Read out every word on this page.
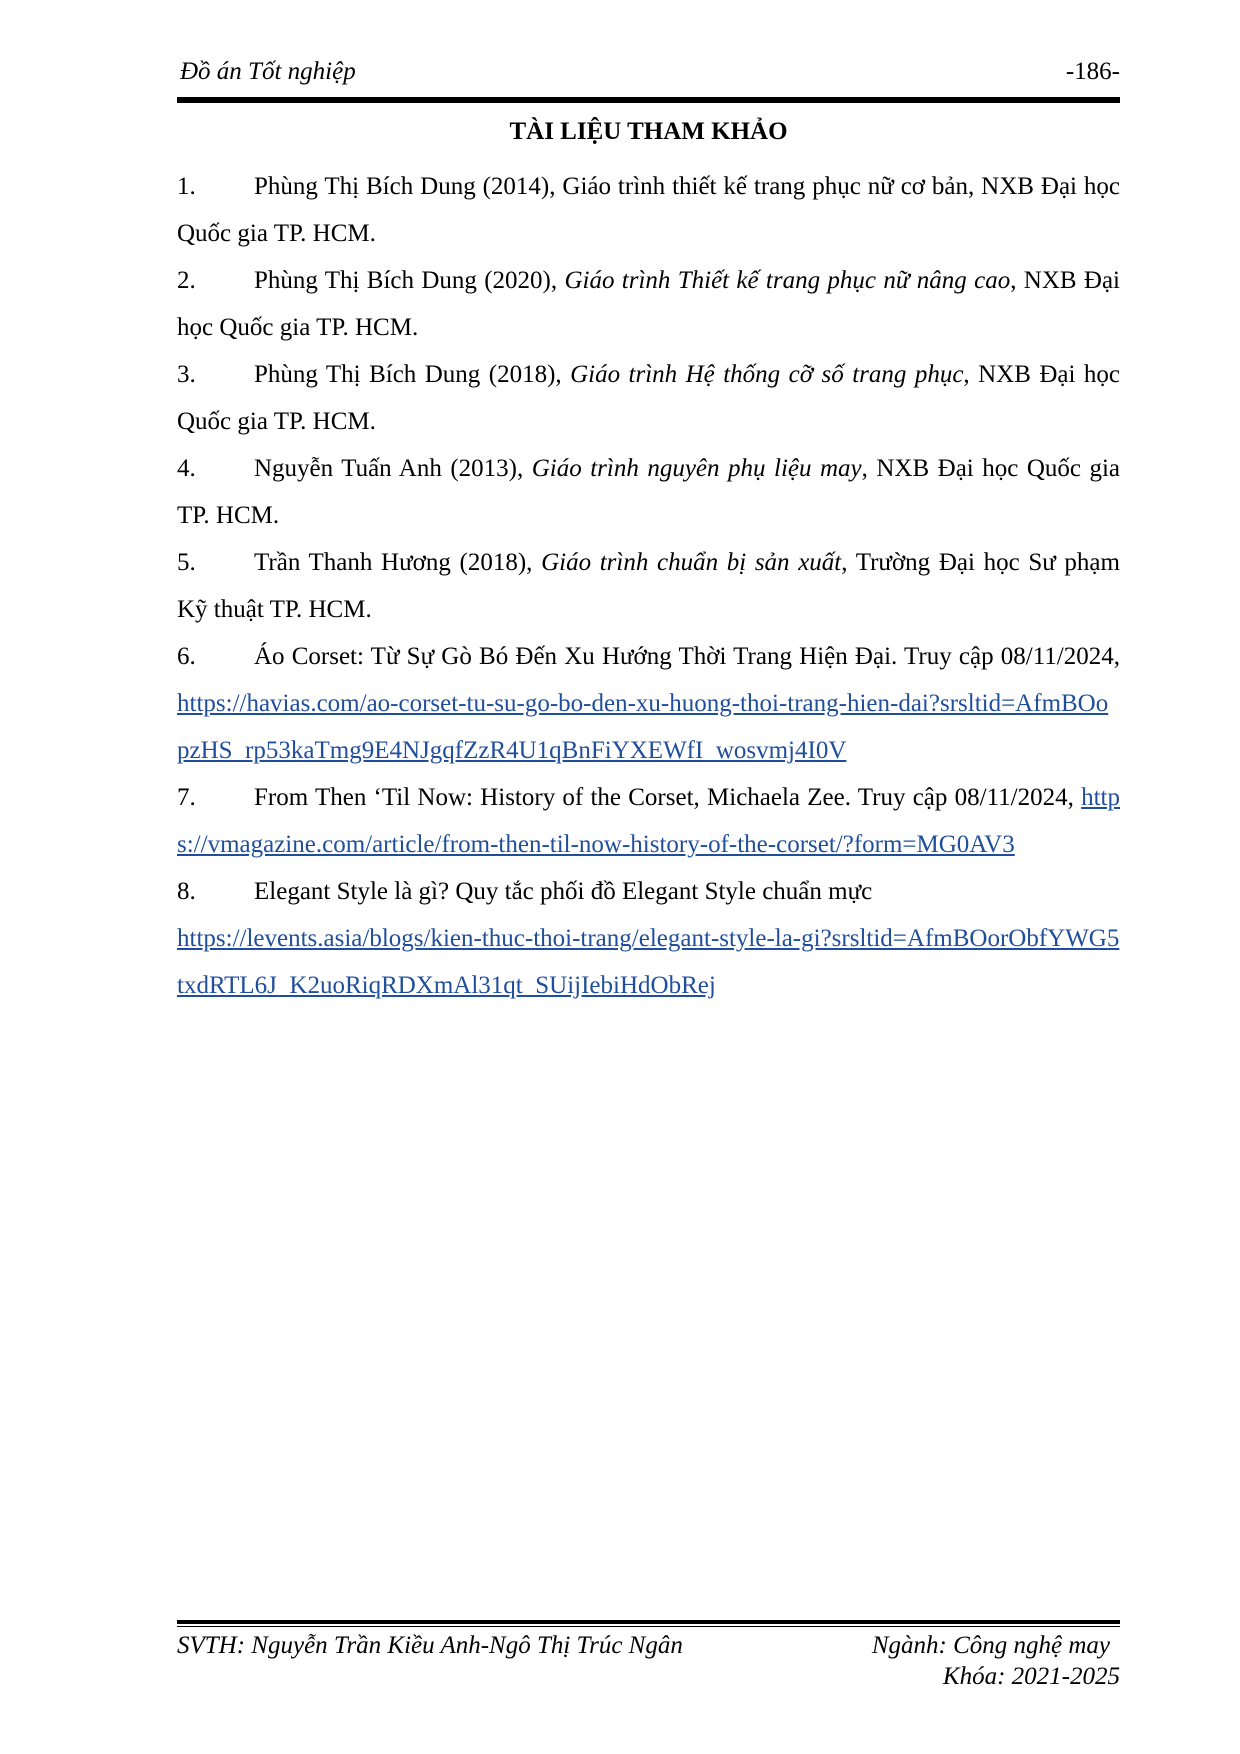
Đồ án Tốt nghiệp	-186-
TÀI LIỆU THAM KHẢO

1. Phùng Thị Bích Dung (2014), Giáo trình thiết kế trang phục nữ cơ bản, NXB Đại học Quốc gia TP. HCM.

2. Phùng Thị Bích Dung (2020), Giáo trình Thiết kế trang phục nữ nâng cao, NXB Đại học Quốc gia TP. HCM.

3. Phùng Thị Bích Dung (2018), Giáo trình Hệ thống cỡ số trang phục, NXB Đại học Quốc gia TP. HCM.

4. Nguyễn Tuấn Anh (2013), Giáo trình nguyên phụ liệu may, NXB Đại học Quốc gia TP. HCM.

5. Trần Thanh Hương (2018), Giáo trình chuẩn bị sản xuất, Trường Đại học Sư phạm Kỹ thuật TP. HCM.

6. Áo Corset: Từ Sự Gò Bó Đến Xu Hướng Thời Trang Hiện Đại. Truy cập 08/11/2024, https://havias.com/ao-corset-tu-su-go-bo-den-xu-huong-thoi-trang-hien-dai?srsltid=AfmBOopzHS_rp53kaTmg9E4NJgqfZzR4U1qBnFiYXEWfI_wosvmj4I0V

7. From Then ‘Til Now: History of the Corset, Michaela Zee. Truy cập 08/11/2024, https://vmagazine.com/article/from-then-til-now-history-of-the-corset/?form=MG0AV3

8. Elegant Style là gì? Quy tắc phối đồ Elegant Style chuẩn mực
https://levents.asia/blogs/kien-thuc-thoi-trang/elegant-style-la-gi?srsltid=AfmBOorObfYWG5txdRTL6J_K2uoRiqRDXmAl31qt_SUijIebiHdObRej

SVTH: Nguyễn Trần Kiều Anh-Ngô Thị Trúc Ngân	Ngành: Công nghệ may
Khóa: 2021-2025
